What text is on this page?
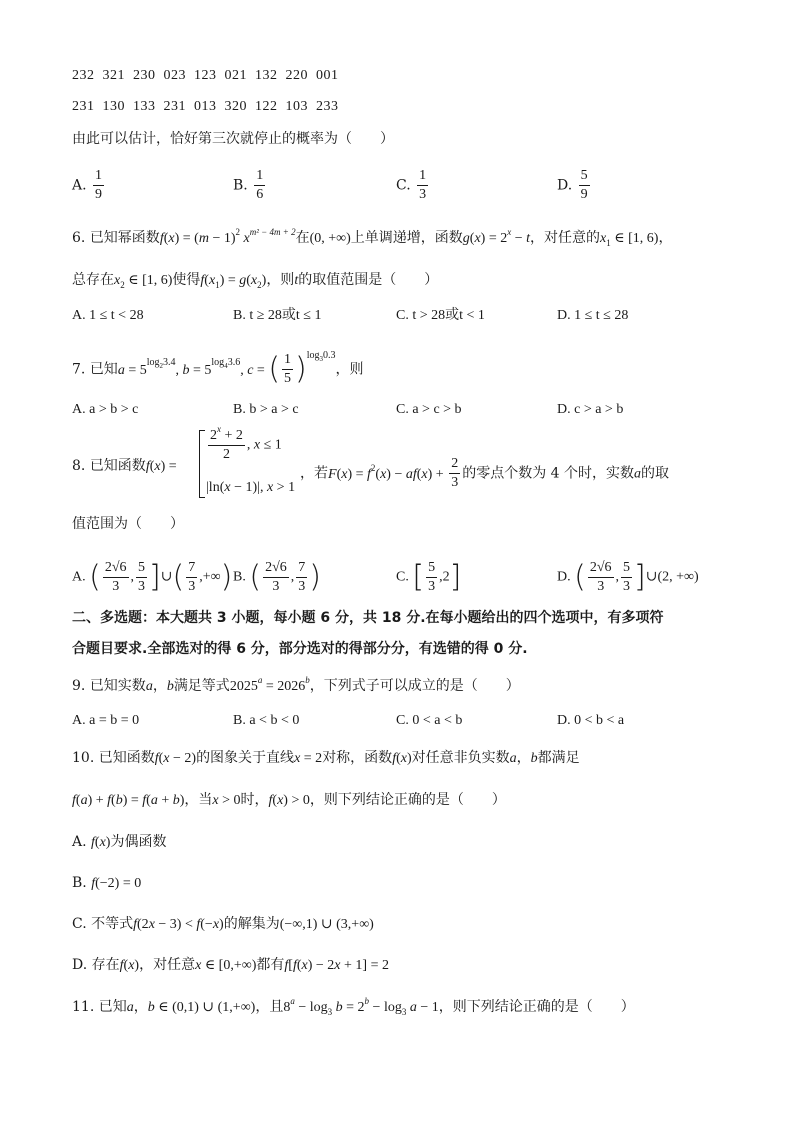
232  321  230  023  123  021  132  220  001
231  130  133  231  013  320  122  103  233
由此可以估计，恰好第三次就停止的概率为（　　）
A. $\frac{1}{9}$	B. $\frac{1}{6}$	C. $\frac{1}{3}$	D. $\frac{5}{9}$
6. 已知幂函数$f(x) = (m - 1)^2$ $x^{m^2 - 4m + 2}$在(0, +∞)上单调递增，函数$g(x) = 2^x - t$，对任意的$x_1$ ∈ [1, 6)，
总存在$x_2$ ∈ [1, 6)使得$f(x_1) = g(x_2)$，则t的取值范围是（　　）
A. 1 ≤ t < 28	B. t ≥ 28或t ≤ 1	C. t > 28或t < 1	D. 1 ≤ t ≤ 28
7. 已知$a = 5^{log_23.4}$, $b = 5^{log_43.6}$, c = ( $\frac{1}{5} )^{log_30.3}$，则
A. a > b > c	B. b > a > c	C. a > c > b	D. c > a > b
8. 已知函数f(x) =
$\frac{2^x + 2}{2}$ , x ≤ 1
|ln(x − 1)|, x > 1
，若$F(x) = f^2(x) - af(x) + \frac{2}{3}$ 的零点个数为 4 个时，实数a的取
值范围为（　　）
A. ( $\frac{2√6}{3}$ , $\frac{5}{3}$ ]∪( $\frac{7}{3}$ ,+∞) B. ( $\frac{2√6}{3}$ , $\frac{7}{3}$ )	C. [ $\frac{5}{3} ,2$]	D. ( $\frac{2√6}{3}$ , $\frac{5}{3}$ ]∪(2, +∞)
二、多选题：本大题共 3 小题，每小题 6 分，共 18 分.在每小题给出的四个选项中，有多项符
合题目要求.全部选对的得 6 分，部分选对的得部分分，有选错的得 0 分.
9. 已知实数a，b满足等式$2025^a = 2026^b$，下列式子可以成立的是（　　）
A. a = b = 0	B. a < b < 0	C. 0 < a < b	D. 0 < b < a
10. 已知函数f(x − 2)的图象关于直线x = 2对称，函数f(x)对任意非负实数a，b都满足
f(a) + f(b) = f(a + b)，当x > 0时，f(x) > 0，则下列结论正确的是（　　）
A. f(x)为偶函数
B. f(−2) = 0
C. 不等式f(2x − 3) < f(−x)的解集为(−∞,1) ∪ (3,+∞)
D. 存在f(x)，对任意x ∈ [0,+∞)都有f[f(x) − 2x + 1] = 2
11. 已知a，b ∈ (0,1) ∪ (1,+∞)，且$8^a - \log_3 b = 2^b - \log_3 a - 1$，则下列结论正确的是（　　）
